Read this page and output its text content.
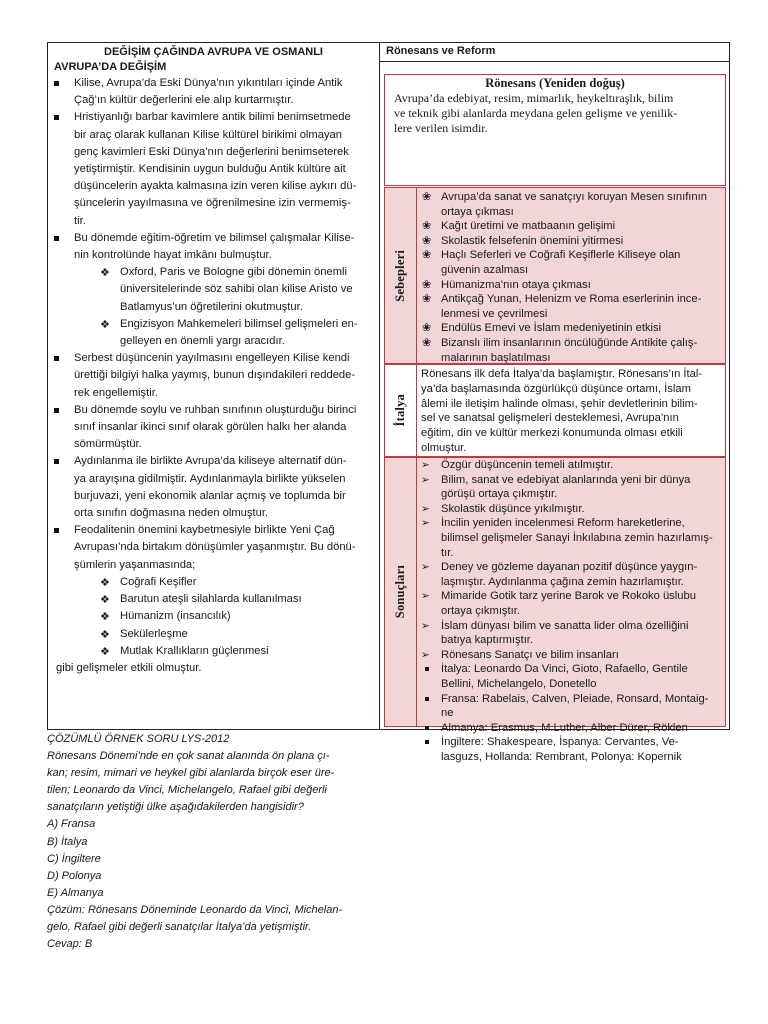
DEĞİŞİM ÇAĞINDA AVRUPA VE OSMANLI
AVRUPA’DA DEĞİŞİM
Kilise, Avrupa’da Eski Dünya’nın yıkıntıları içinde Antik
Çağ’ın kültür değerlerini ele alıp kurtarmıştır.
Hristiyanlığı barbar kavimlere antik bilimi benimsetmede
bir araç olarak kullanan Kilise kültürel birikimi olmayan
genç kavimleri Eski Dünya’nın değerlerini benimseterek
yetiştirmiştir. Kendisinin uygun bulduğu Antik kültüre ait
düşüncelerin ayakta kalmasına izin veren kilise aykırı dü-
şüncelerin yayılmasına ve öğrenilmesine izin vermemiş-
tir.
Bu dönemde eğitim-öğretim ve bilimsel çalışmalar Kilise-
nin kontrolünde hayat imkânı bulmuştur.
❖ Oxford, Paris ve Bologne gibi dönemin önemli
üniversitelerinde söz sahibi olan kilise Aristo ve
Batlamyus’un öğretilerini okutmuştur.
❖ Engizisyon Mahkemeleri bilimsel gelişmeleri en-
gelleyen en önemli yargı aracıdır.
Serbest düşüncenin yayılmasını engelleyen Kilise kendi
ürettiği bilgiyi halka yaymış, bunun dışındakileri reddede-
rek engellemiştir.
Bu dönemde soylu ve ruhban sınıfının oluşturduğu birinci
sınıf insanlar ikinci sınıf olarak görülen halkı her alanda
sömürmüştür.
Aydınlanma ile birlikte Avrupa’da kiliseye alternatif dün-
ya arayışına gidilmiştir. Aydınlanmayla birlikte yükselen
burjuvazi, yeni ekonomik alanlar açmış ve toplumda bir
orta sınıfın doğmasına neden olmuştur.
Feodalitenin önemini kaybetmesiyle birlikte Yeni Çağ
Avrupası’nda birtakım dönüşümler yaşanmıştır. Bu dönü-
şümlerin yaşanmasında;
❖ Coğrafi Keşifler
❖ Barutun ateşli silahlarda kullanılması
❖ Hümanizm (insancılık)
❖ Sekülerleşme
❖ Mutlak Krallıkların güçlenmesi
gibi gelişmeler etkili olmuştur.
Rönesans ve Reform
Rönesans (Yeniden doğuş)
Avrupa’da edebiyat, resim, mimarlık, heykeltıraşlık, bilim
ve teknik gibi alanlarda meydana gelen gelişme ve yenilik-
lere verilen isimdir.
Sebepleri
❀ Avrupa’da sanat ve sanatçıyı koruyan Mesen sınıfının
ortaya çıkması
❀ Kağıt üretimi ve matbaanın gelişimi
❀ Skolastik felsefenin önemini yitirmesi
❀ Haçlı Seferleri ve Coğrafi Keşiflerle Kiliseye olan
güvenin azalması
❀ Hümanizma’nın otaya çıkması
❀ Antikçağ Yunan, Helenizm ve Roma eserlerinin ince-
lenmesi ve çevrilmesi
❀ Endülüs Emevi ve İslam medeniyetinin etkisi
❀ Bizanslı ilim insanlarının öncülüğünde Antikite çalış-
malarının başlatılması
İtalya
Rönesans ilk defa İtalya’da başlamıştır. Rönesans’ın İtal-
ya’da başlamasında özgürlükçü düşünce ortamı, İslam
âlemi ile iletişim halinde olması, şehir devletlerinin bilim-
sel ve sanatsal gelişmeleri desteklemesi, Avrupa’nın
eğitim, din ve kültür merkezi konumunda olması etkili
olmuştur.
Sonuçları
➢ Özgür düşüncenin temeli atılmıştır.
➢ Bilim, sanat ve edebiyat alanlarında yeni bir dünya
görüşü ortaya çıkmıştır.
➢ Skolastik düşünce yıkılmıştır.
➢ İncilin yeniden incelenmesi Reform hareketlerine,
bilimsel gelişmeler Sanayi İnkılabına zemin hazırlamış-
tır.
➢ Deney ve gözleme dayanan pozitif düşünce yaygın-
laşmıştır. Aydınlanma çağına zemin hazırlamıştır.
➢ Mimaride Gotik tarz yerine Barok ve Rokoko üslubu
ortaya çıkmıştır.
➢ İslam dünyası bilim ve sanatta lider olma özelliğini
batıya kaptırmıştır.
➢ Rönesans Sanatçı ve bilim insanları
İtalya: Leonardo Da Vinci, Gioto, Rafaello, Gentile
Bellini, Michelangelo, Donetello
Fransa: Rabelais, Calven, Pleiade, Ronsard, Montaig-
ne
Almanya: Erasmus, M.Luther, Alber Dürer, Röklen
İngiltere: Shakespeare, İspanya: Cervantes, Ve-
lasguzs, Hollanda: Rembrant, Polonya: Kopernik
ÇÖZÜMLÜ ÖRNEK SORU LYS-2012
Rönesans Dönemi’nde en çok sanat alanında ön plana çı-
kan; resim, mimari ve heykel gibi alanlarda birçok eser üre-
tilen; Leonardo da Vinci, Michelangelo, Rafael gibi değerli
sanatçıların yetiştiği ülke aşağıdakilerden hangisidir?
A) Fransa
B) İtalya
C) İngiltere
D) Polonya
E) Almanya
Çözüm: Rönesans Döneminde Leonardo da Vinci, Michelan-
gelo, Rafael gibi değerli sanatçılar İtalya’da yetişmiştir.
Cevap: B
